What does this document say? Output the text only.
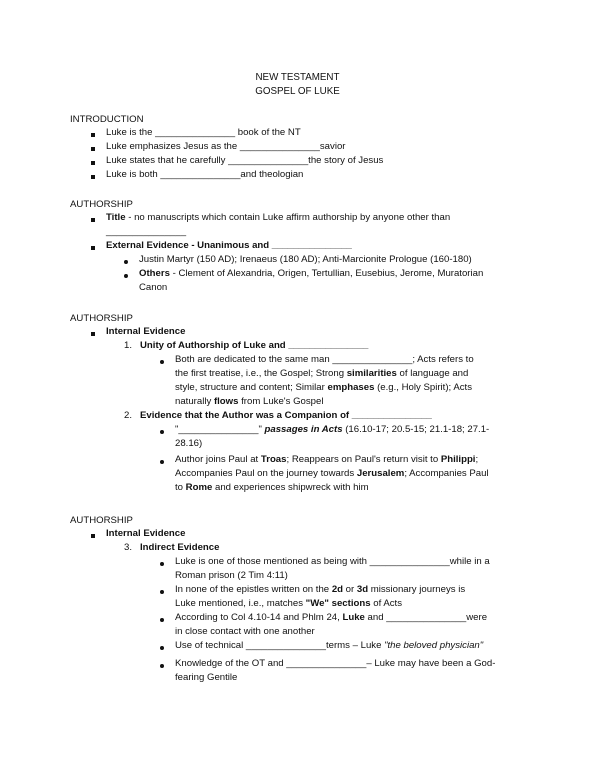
NEW TESTAMENT
GOSPEL OF LUKE
INTRODUCTION
Luke is the _______________ book of the NT
Luke emphasizes Jesus as the _______________savior
Luke states that he carefully _______________the story of Jesus
Luke is both _______________and theologian
AUTHORSHIP
Title - no manuscripts which contain Luke affirm authorship by anyone other than
_______________
External Evidence - Unanimous and _______________
Justin Martyr (150 AD); Irenaeus (180 AD); Anti-Marcionite Prologue (160-180)
Others - Clement of Alexandria, Origen, Tertullian, Eusebius, Jerome, Muratorian
Canon
AUTHORSHIP
Internal Evidence
1. Unity of Authorship of Luke and _______________
Both are dedicated to the same man _______________; Acts refers to
the first treatise, i.e., the Gospel; Strong similarities of language and
style, structure and content; Similar emphases (e.g., Holy Spirit); Acts
naturally flows from Luke's Gospel
2. Evidence that the Author was a Companion of _______________
"_______________" passages in Acts (16.10-17; 20.5-15; 21.1-18; 27.1-
28.16)
Author joins Paul at Troas; Reappears on Paul's return visit to Philippi;
Accompanies Paul on the journey towards Jerusalem; Accompanies Paul
to Rome and experiences shipwreck with him
AUTHORSHIP
Internal Evidence
3. Indirect Evidence
Luke is one of those mentioned as being with _______________while in a
Roman prison (2 Tim 4:11)
In none of the epistles written on the 2d or 3d missionary journeys is
Luke mentioned, i.e., matches "We" sections of Acts
According to Col 4.10-14 and Phlm 24, Luke and _______________were
in close contact with one another
Use of technical _______________terms – Luke "the beloved physician"
Knowledge of the OT and _______________– Luke may have been a God-
fearing Gentile
